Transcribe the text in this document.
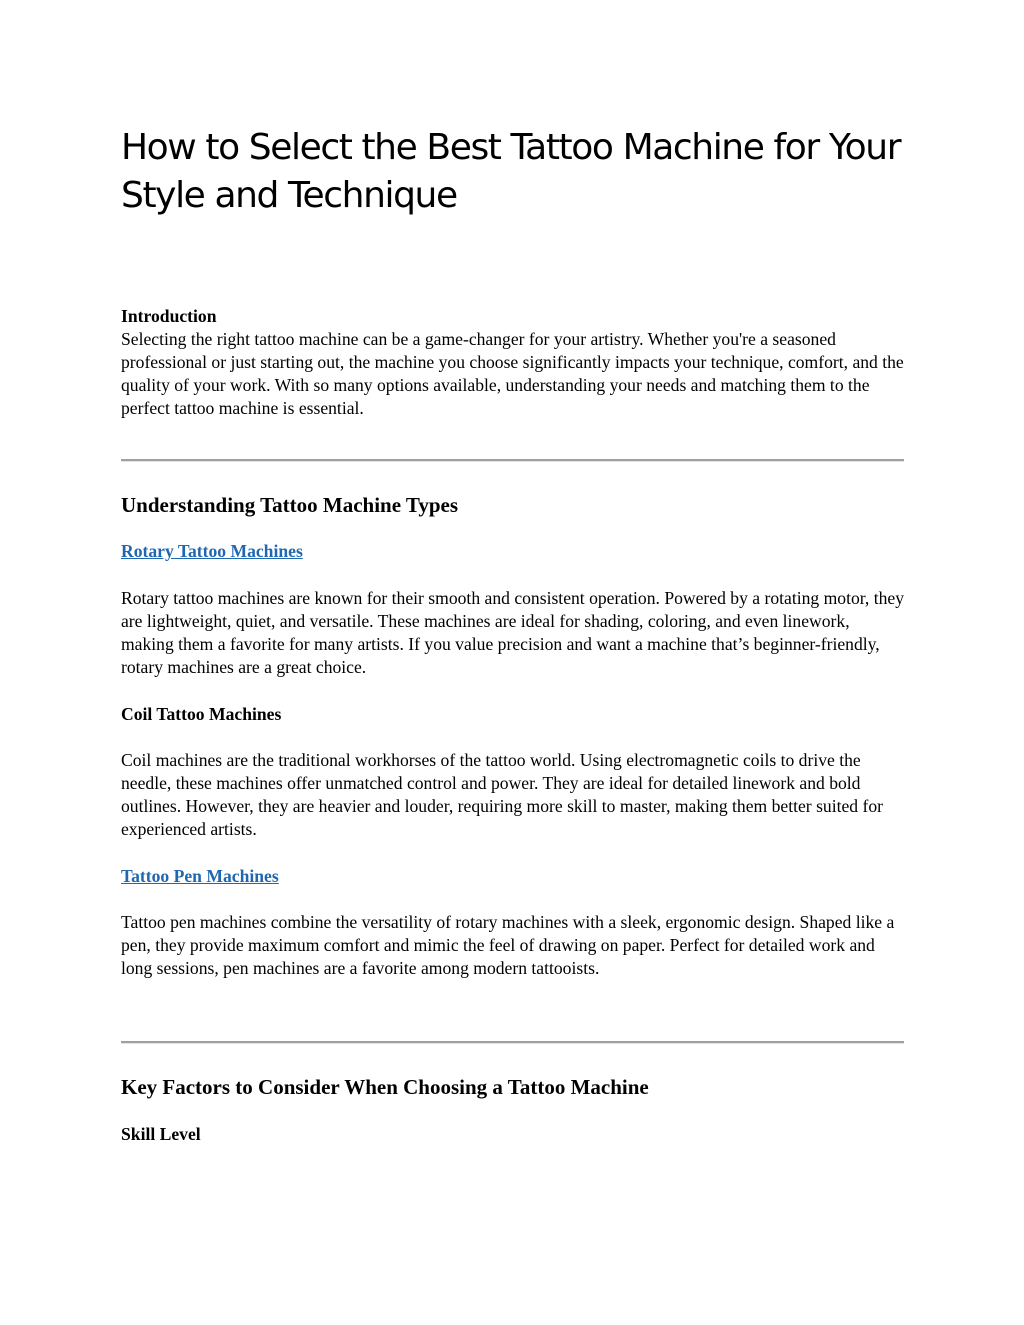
How to Select the Best Tattoo Machine for Your Style and Technique
Introduction

Selecting the right tattoo machine can be a game-changer for your artistry. Whether you're a seasoned professional or just starting out, the machine you choose significantly impacts your technique, comfort, and the quality of your work. With so many options available, understanding your needs and matching them to the perfect tattoo machine is essential.

Understanding Tattoo Machine Types
Rotary Tattoo Machines

Rotary tattoo machines are known for their smooth and consistent operation. Powered by a rotating motor, they are lightweight, quiet, and versatile. These machines are ideal for shading, coloring, and even linework, making them a favorite for many artists. If you value precision and want a machine that’s beginner-friendly, rotary machines are a great choice.

Coil Tattoo Machines

Coil machines are the traditional workhorses of the tattoo world. Using electromagnetic coils to drive the needle, these machines offer unmatched control and power. They are ideal for detailed linework and bold outlines. However, they are heavier and louder, requiring more skill to master, making them better suited for experienced artists.

Tattoo Pen Machines

Tattoo pen machines combine the versatility of rotary machines with a sleek, ergonomic design. Shaped like a pen, they provide maximum comfort and mimic the feel of drawing on paper. Perfect for detailed work and long sessions, pen machines are a favorite among modern tattooists.

Key Factors to Consider When Choosing a Tattoo Machine
Skill Level
